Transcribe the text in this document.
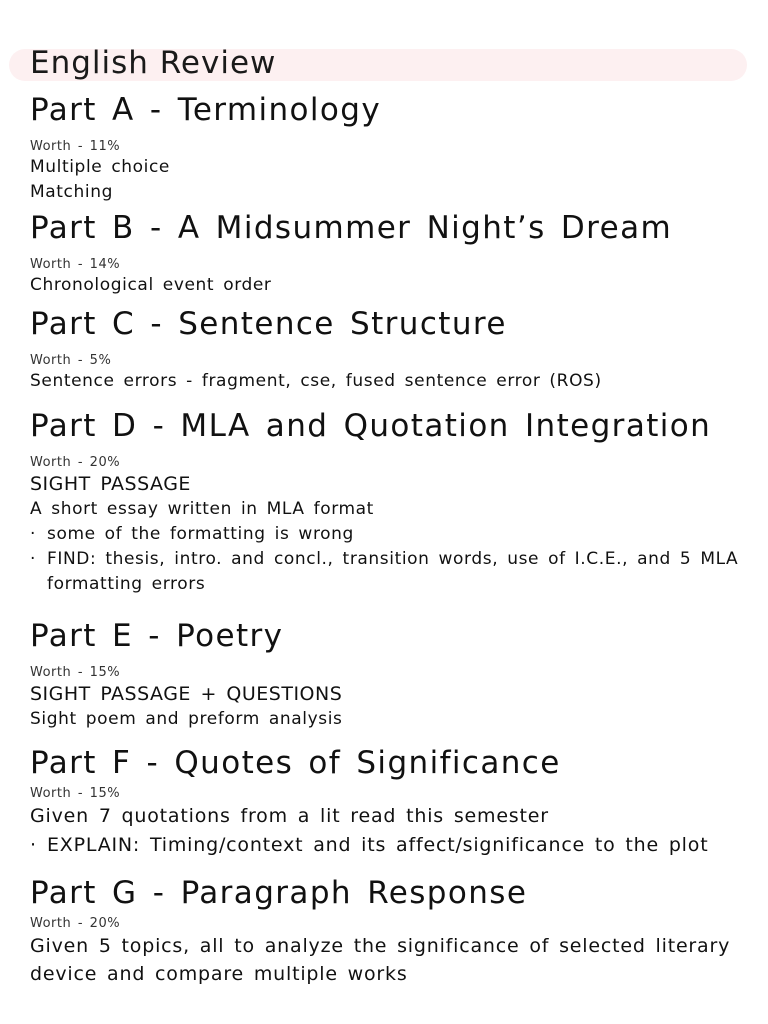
English Review
Part A - Terminology
Worth - 11%
Multiple choice
Matching
Part B - A Midsummer Night’s Dream
Worth - 14%
Chronological event order
Part C - Sentence Structure
Worth - 5%
Sentence errors - fragment, cse, fused sentence error (ROS)
Part D - MLA and Quotation Integration
Worth - 20%
SIGHT PASSAGE
A short essay written in MLA format
· some of the formatting is wrong
· FIND: thesis, intro. and concl., transition words, use of I.C.E., and 5 MLA formatting errors
Part E - Poetry
Worth - 15%
SIGHT PASSAGE + QUESTIONS
Sight poem and preform analysis
Part F - Quotes of Significance
Worth - 15%
Given 7 quotations from a lit read this semester
· EXPLAIN: Timing/context and its affect/significance to the plot
Part G - Paragraph Response
Worth - 20%
Given 5 topics, all to analyze the significance of selected literary device and compare multiple works
